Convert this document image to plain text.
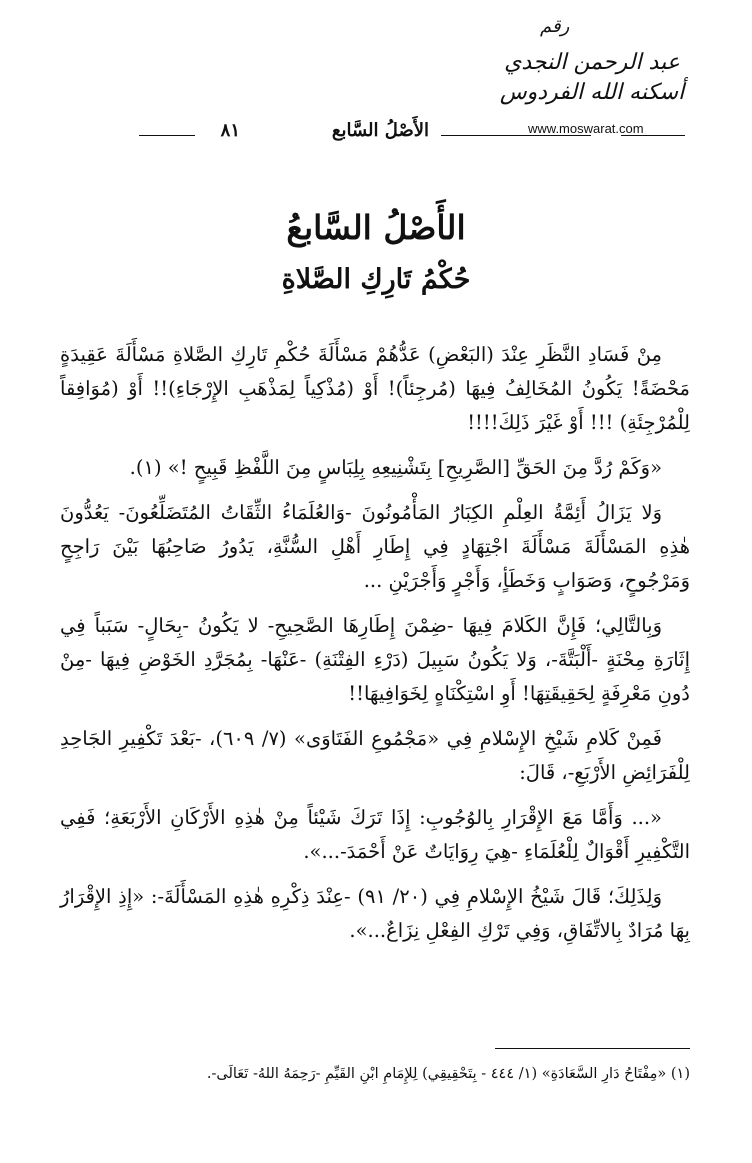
رقم
عبد الرحمن النجدي
أسكنه الله الفردوس
www.moswarat.com
الأَصْلُ السَّابع
٨١
الأَصْلُ السَّابعُ
حُكْمُ تَارِكِ الصَّلاةِ

مِنْ فَسَادِ النَّظَرِ عِنْدَ (البَعْضِ) عَدُّهُمْ مَسْأَلَةَ حُكْمِ تَارِكِ الصَّلاةِ مَسْأَلَةَ عَقِيدَةٍ مَحْضَةً! يَكُونُ المُخَالِفُ فِيهَا (مُرجِئاً)! أَوْ (مُذْكِياً لِمَذْهَبِ الإِرْجَاءِ)!! أَوْ (مُوَافِقاً لِلْمُرْجِئَةِ) !!! أَوْ غَيْرَ ذَلِكَ!!!!

«وَكَمْ رُدَّ مِنَ الحَقِّ [الصَّرِيحِ] بِتَشْنِيعِهِ بِلِبَاسٍ مِنَ اللَّفْظِ قَبِيحٍ !» (١).

وَلا يَزَالُ أَئِمَّةُ العِلْمِ الكِبَارُ المَأْمُونُونَ -وَالعُلَمَاءُ الثِّقَاتُ المُتَضَلِّعُونَ- يَعُدُّونَ هٰذِهِ المَسْأَلَةَ مَسْأَلَةَ اجْتِهَادٍ فِي إِطَارِ أَهْلِ السُّنَّةِ، يَدُورُ صَاحِبُهَا بَيْنَ رَاجِحٍ وَمَرْجُوحٍ، وَصَوَابٍ وَخَطَأٍ، وَأَجْرٍ وَأَجْرَيْنِ ...

وَبِالتَّالِي؛ فَإِنَّ الكَلامَ فِيهَا -ضِمْنَ إِطَارِهَا الصَّحِيحِ- لا يَكُونُ -بِحَالٍ- سَبَباً فِي إِثَارَةِ مِحْنَةٍ -أَلْبَتَّةَ-، وَلا يَكُونُ سَبِيلَ (دَرْءِ الفِتْنَةِ) -عَنْهَا- بِمُجَرَّدِ الخَوْضِ فِيهَا -مِنْ دُونِ مَعْرِفَةٍ لِحَقِيقَتِهَا! أَوِ اسْتِكْنَاهٍ لِخَوَافِيهَا!!

فَمِنْ كَلامِ شَيْخِ الإِسْلامِ فِي «مَجْمُوعِ الفَتَاوَى» (٧/ ٦٠٩)، -بَعْدَ تَكْفِيرِ الجَاحِدِ لِلْفَرَائِضِ الأَرْبَعِ-، قَالَ:

«... وَأَمَّا مَعَ الإِقْرَارِ بِالوُجُوبِ: إِذَا تَرَكَ شَيْئاً مِنْ هٰذِهِ الأَرْكَانِ الأَرْبَعَةِ؛ فَفِي التَّكْفِيرِ أَقْوَالٌ لِلْعُلَمَاءِ -هِيَ رِوَايَاتٌ عَنْ أَحْمَدَ-...».

وَلِذَلِكَ؛ قَالَ شَيْخُ الإِسْلامِ فِي (٢٠/ ٩١) -عِنْدَ ذِكْرِهِ هٰذِهِ المَسْأَلَةَ-: «إِذِ الإِقْرَارُ بِهَا مُرَادٌ بِالاتِّفَاقِ، وَفِي تَرْكِ الفِعْلِ نِزَاعٌ...».

(١) «مِفْتَاحُ دَارِ السَّعَادَةِ» (١/ ٤٤٤ - بِتَحْقِيقِي) لِلإِمَامِ ابْنِ القَيِّمِ -رَحِمَهُ اللهُ- تَعَالَى-.
